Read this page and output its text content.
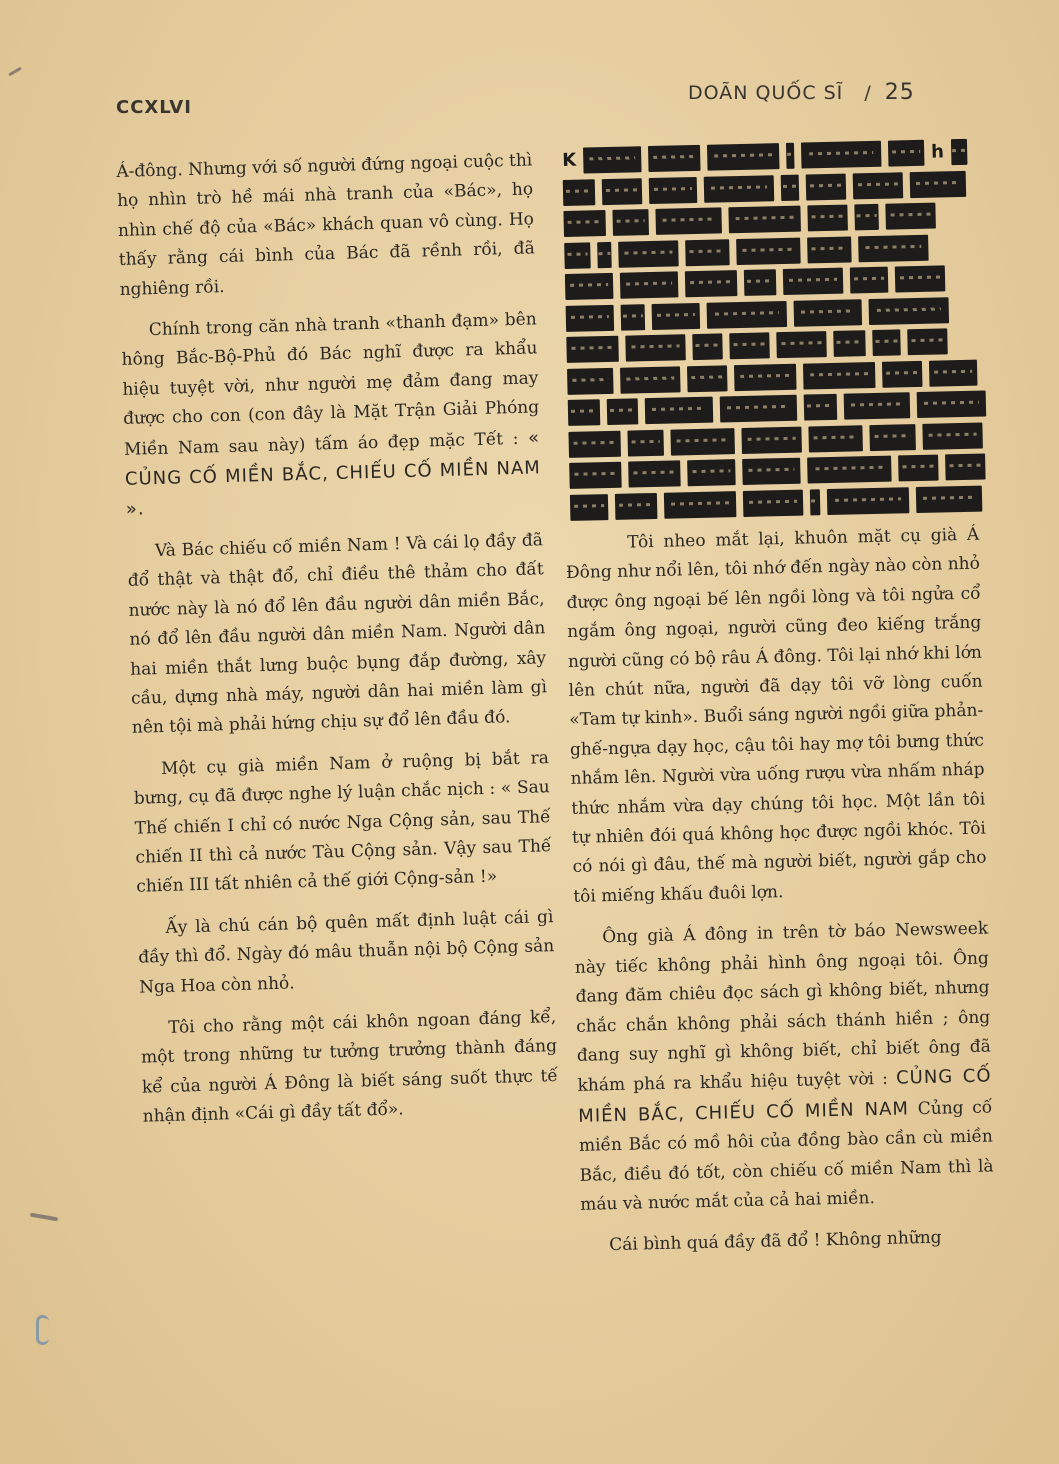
CCXLVI
DOÃN QUỐC SĨ / 25

Á-đông. Nhưng với số người đứng ngoại cuộc thì họ nhìn trò hề mái nhà tranh của «Bác», họ nhìn chế độ của «Bác» khách quan vô cùng. Họ thấy rằng cái bình của Bác đã rềnh rồi, đã nghiêng rồi.

Chính trong căn nhà tranh «thanh đạm» bên hông Bắc-Bộ-Phủ đó Bác nghĩ được ra khẩu hiệu tuyệt vời, như người mẹ đảm đang may được cho con (con đây là Mặt Trận Giải Phóng Miền Nam sau này) tấm áo đẹp mặc Tết : « CỦNG CỐ MIỀN BẮC, CHIẾU CỐ MIỀN NAM ».

Và Bác chiếu cố miền Nam ! Và cái lọ đầy đã đổ thật và thật đổ, chỉ điều thê thảm cho đất nước này là nó đổ lên đầu người dân miền Bắc, nó đổ lên đầu người dân miền Nam. Người dân hai miền thắt lưng buộc bụng đắp đường, xây cầu, dựng nhà máy, người dân hai miền làm gì nên tội mà phải hứng chịu sự đổ lên đầu đó.

Một cụ già miền Nam ở ruộng bị bắt ra bưng, cụ đã được nghe lý luận chắc nịch : « Sau Thế chiến I chỉ có nước Nga Cộng sản, sau Thế chiến II thì cả nước Tàu Cộng sản. Vậy sau Thế chiến III tất nhiên cả thế giới Cộng-sản !»

Ấy là chú cán bộ quên mất định luật cái gì đầy thì đổ. Ngày đó mâu thuẫn nội bộ Cộng sản Nga Hoa còn nhỏ.

Tôi cho rằng một cái khôn ngoan đáng kể, một trong những tư tưởng trưởng thành đáng kể của người Á Đông là biết sáng suốt thực tế nhận định «Cái gì đầy tất đổ».

K	h

Tôi nheo mắt lại, khuôn mặt cụ già Á Đông như nổi lên, tôi nhớ đến ngày nào còn nhỏ được ông ngoại bế lên ngồi lòng và tôi ngửa cổ ngắm ông ngoại, người cũng đeo kiếng trắng người cũng có bộ râu Á đông. Tôi lại nhớ khi lớn lên chút nữa, người đã dạy tôi vỡ lòng cuốn «Tam tự kinh». Buổi sáng người ngồi giữa phản-ghế-ngựa dạy học, cậu tôi hay mợ tôi bưng thức nhắm lên. Người vừa uống rượu vừa nhấm nháp thức nhắm vừa dạy chúng tôi học. Một lần tôi tự nhiên đói quá không học được ngồi khóc. Tôi có nói gì đâu, thế mà người biết, người gắp cho tôi miếng khấu đuôi lợn.

Ông già Á đông in trên tờ báo Newsweek này tiếc không phải hình ông ngoại tôi. Ông đang đăm chiêu đọc sách gì không biết, nhưng chắc chắn không phải sách thánh hiền ; ông đang suy nghĩ gì không biết, chỉ biết ông đã khám phá ra khẩu hiệu tuyệt vời : CỦNG CỐ MIỀN BẮC, CHIẾU CỐ MIỀN NAM Củng cố miền Bắc có mồ hôi của đồng bào cần cù miền Bắc, điều đó tốt, còn chiếu cố miền Nam thì là máu và nước mắt của cả hai miền.

Cái bình quá đầy đã đổ ! Không những
